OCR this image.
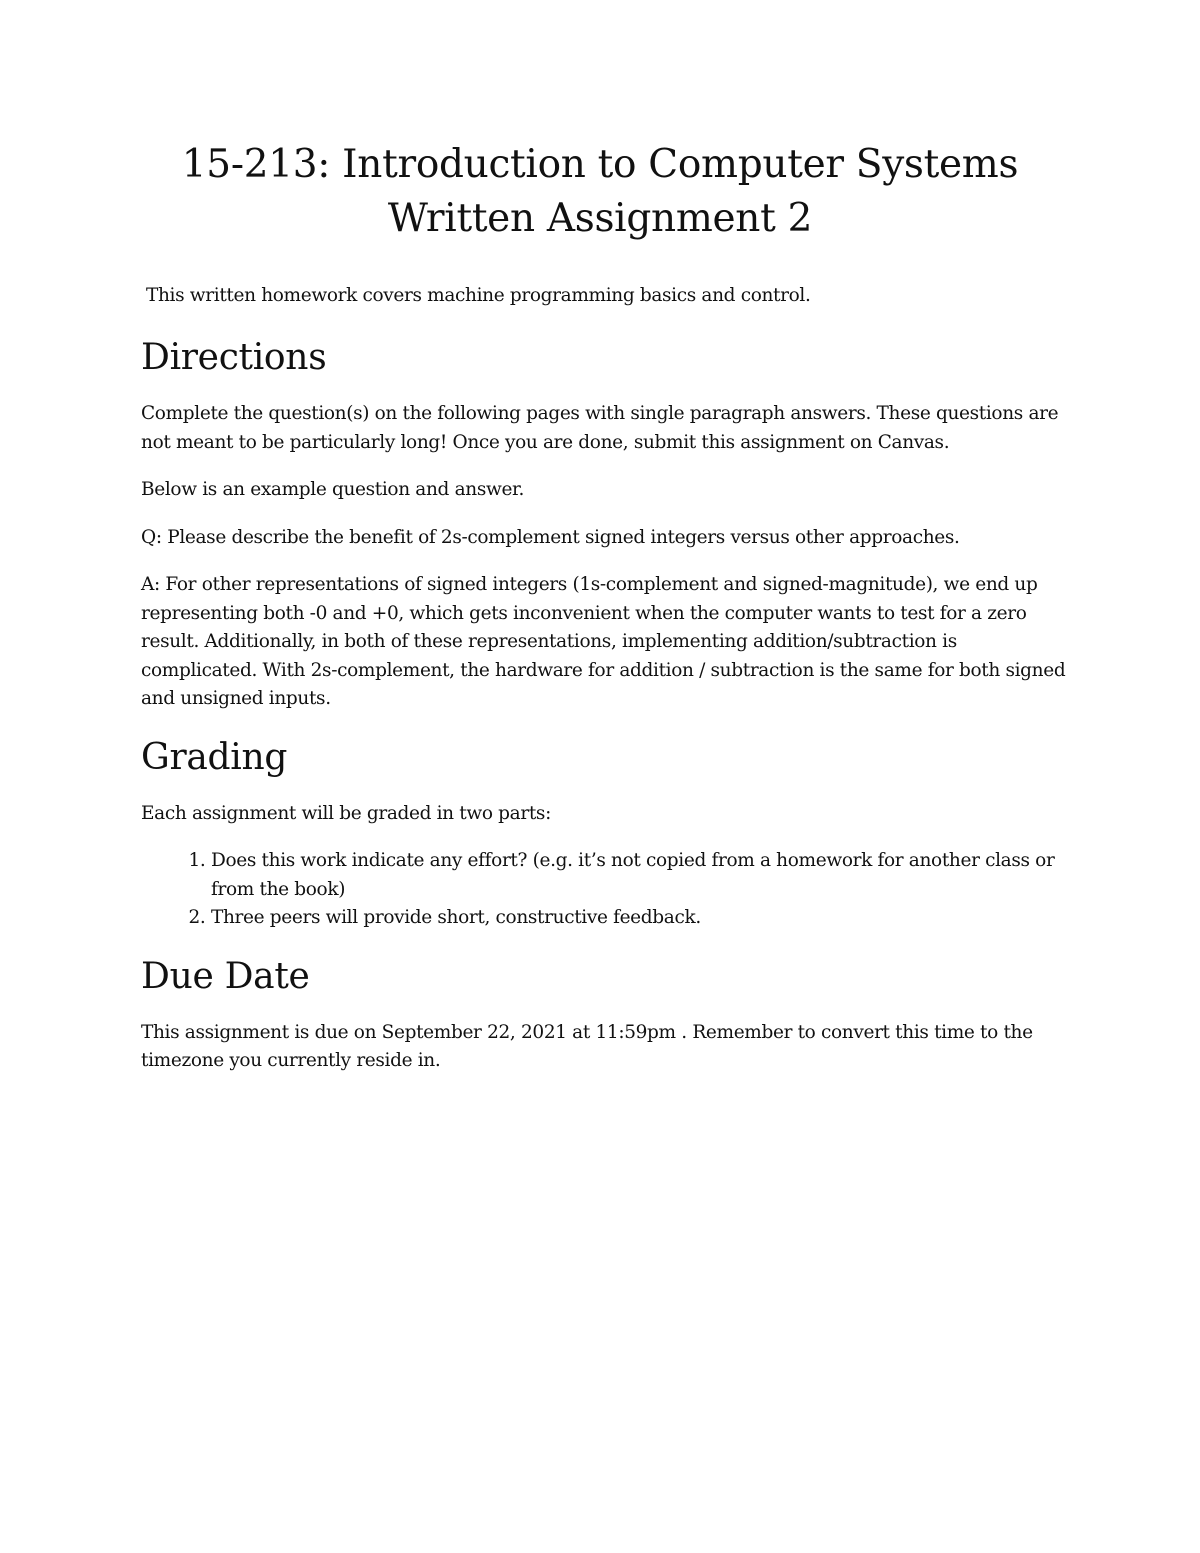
15-213: Introduction to Computer Systems
Written Assignment 2

This written homework covers machine programming basics and control.

Directions

Complete the question(s) on the following pages with single paragraph answers. These questions are not meant to be particularly long! Once you are done, submit this assignment on Canvas.

Below is an example question and answer.

Q: Please describe the benefit of 2s-complement signed integers versus other approaches.

A: For other representations of signed integers (1s-complement and signed-magnitude), we end up representing both -0 and +0, which gets inconvenient when the computer wants to test for a zero result. Additionally, in both of these representations, implementing addition/subtraction is complicated. With 2s-complement, the hardware for addition / subtraction is the same for both signed and unsigned inputs.

Grading

Each assignment will be graded in two parts:

1. Does this work indicate any effort? (e.g. it’s not copied from a homework for another class or from the book)
2. Three peers will provide short, constructive feedback.
Due Date

This assignment is due on September 22, 2021 at 11:59pm . Remember to convert this time to the timezone you currently reside in.
